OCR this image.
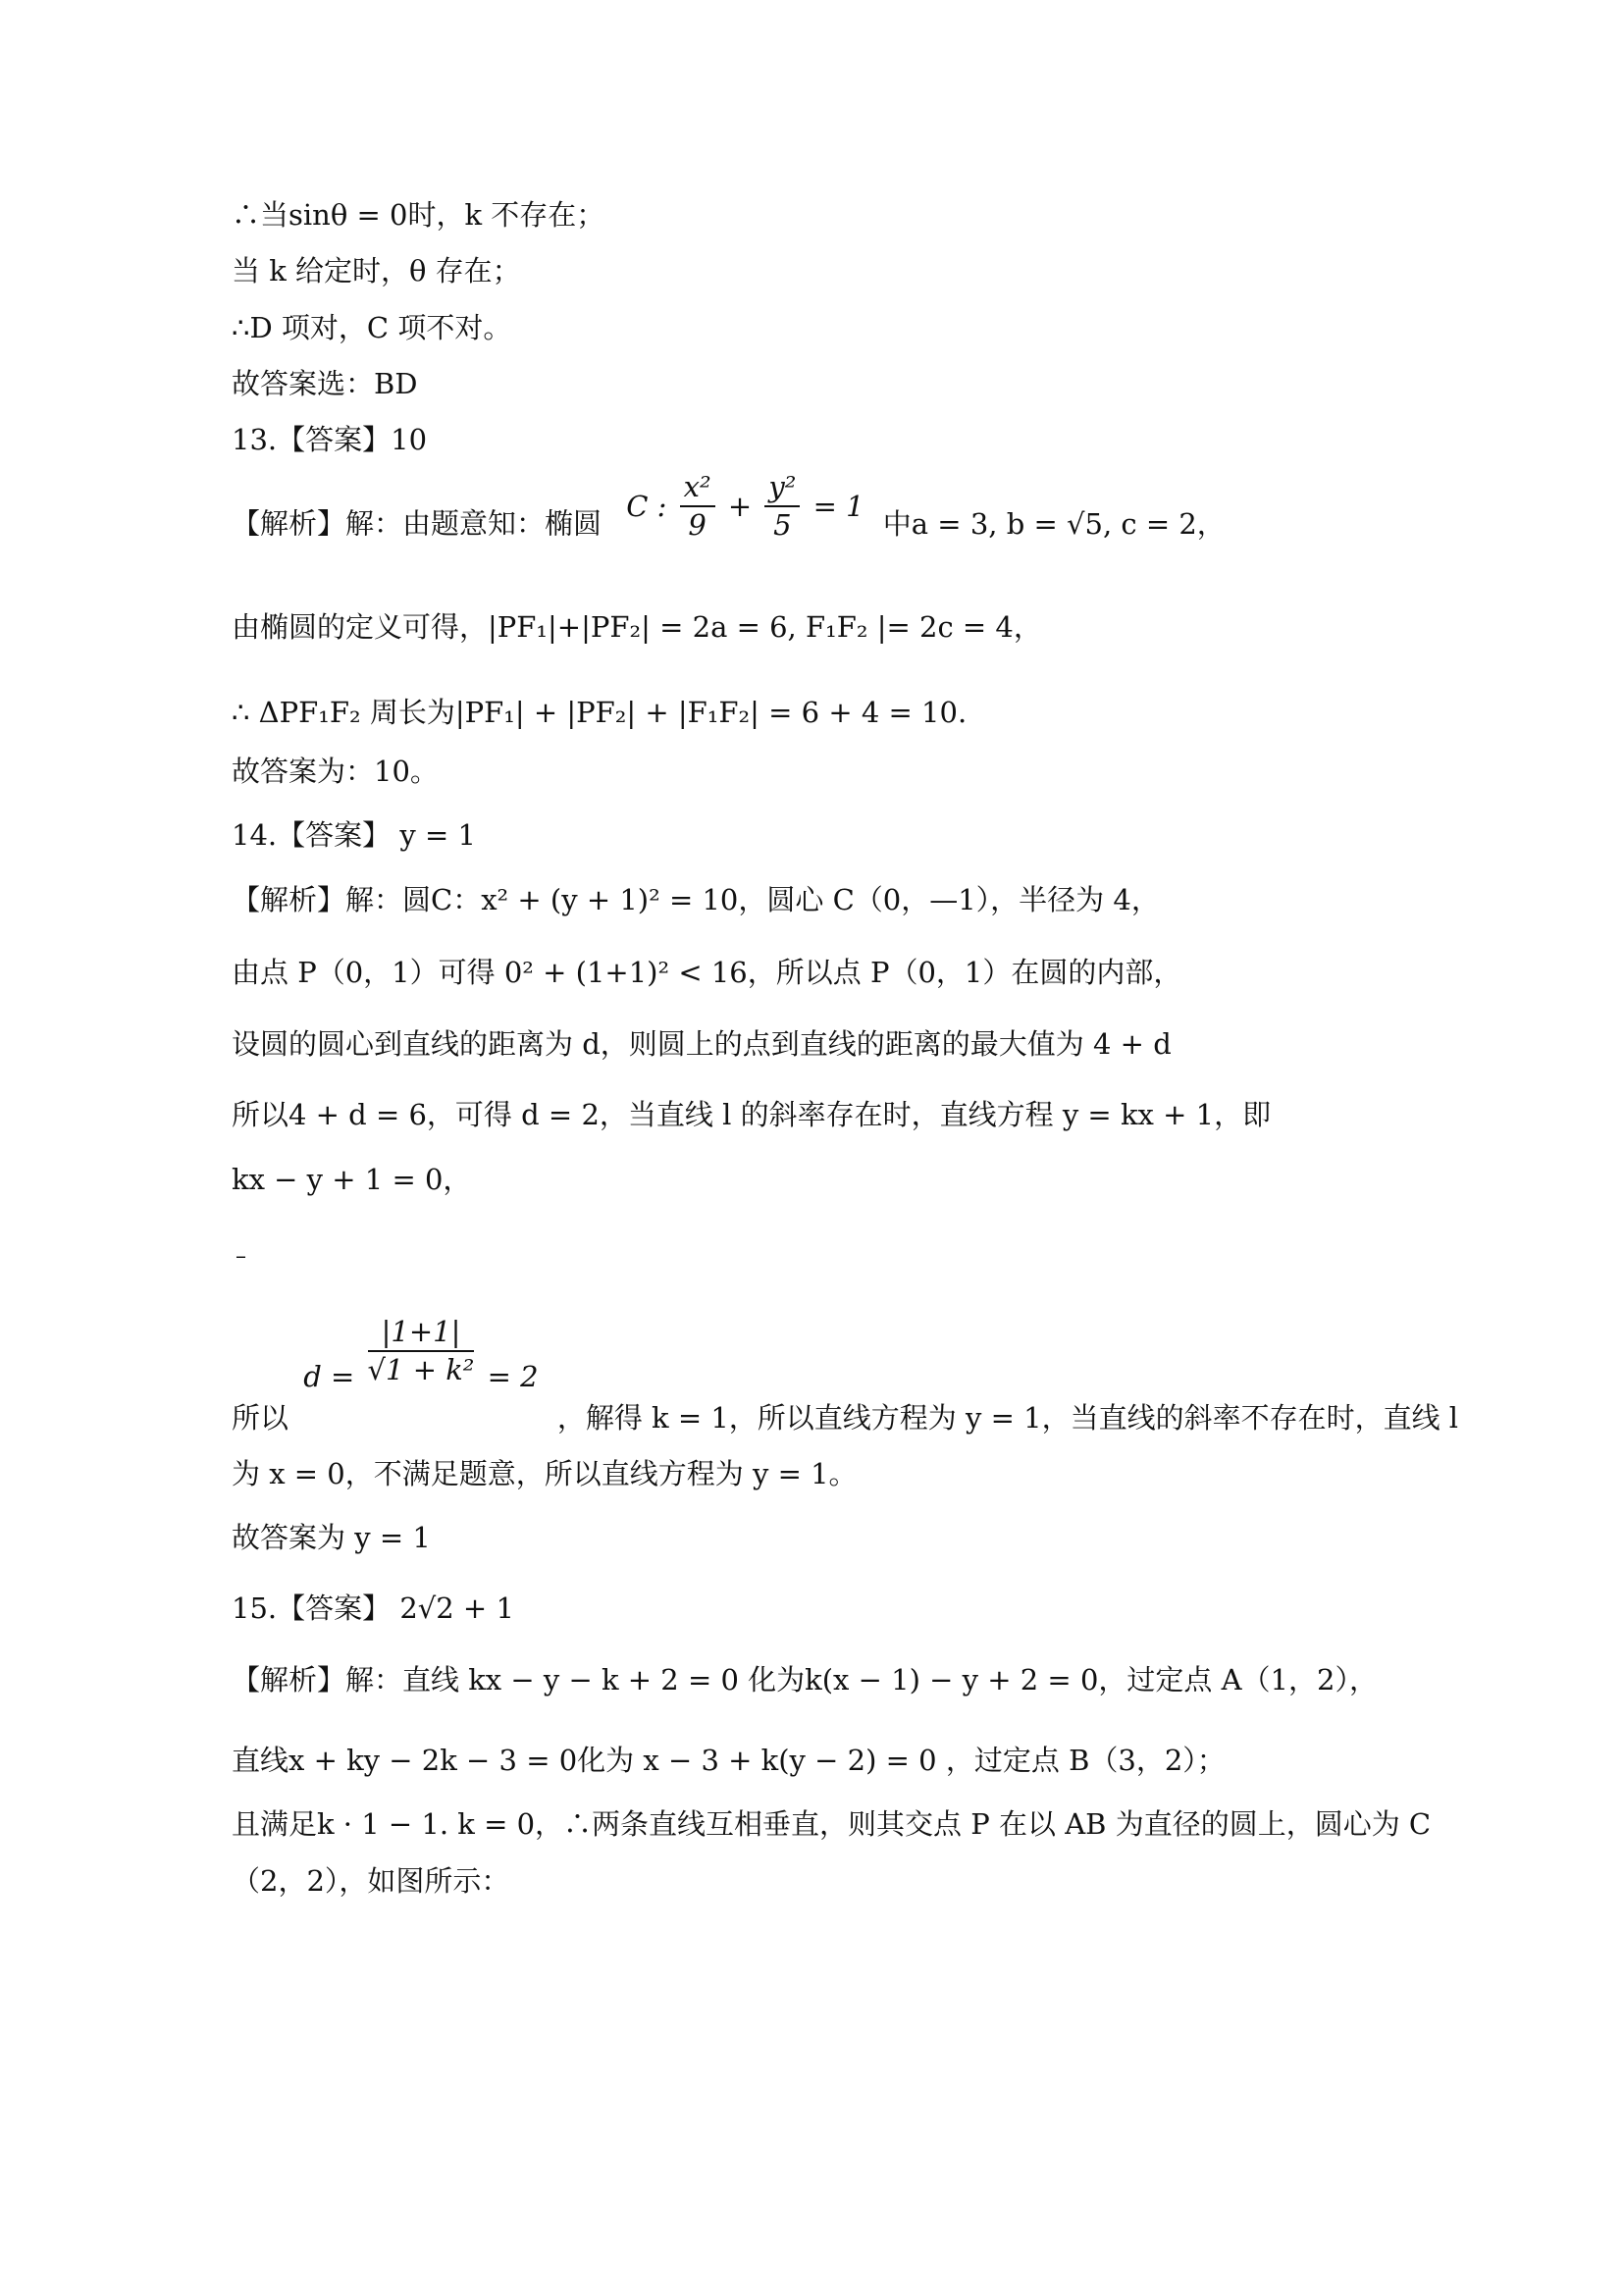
∴当sinθ = 0时，k 不存在；
当 k 给定时，θ 存在；
∴D 项对，C 项不对。
故答案选：BD
13.【答案】10
【解析】解：由题意知：椭圆 C : $\frac{\text{x²}}{9} + \frac{\text{y²}}{5} = 1$ 中a = 3, b = √5, c = 2，
由椭圆的定义可得，|PF₁|+|PF₂| = 2a = 6, F₁F₂ |= 2c = 4，
∴ ΔPF₁F₂ 周长为|PF₁| + |PF₂| + |F₁F₂| = 6 + 4 = 10.
故答案为：10。
14.【答案】 y = 1
【解析】解：圆C：x² + (y + 1)² = 10，圆心 C（0，—1），半径为 4，
由点 P（0，1）可得 0² + (1+1)² < 16，所以点 P（0，1）在圆的内部，
设圆的圆心到直线的距离为 d，则圆上的点到直线的距离的最大值为 4 + d
所以4 + d = 6，可得 d = 2，当直线 l 的斜率存在时，直线方程 y = kx + 1，即
kx − y + 1 = 0，
–
所以 $d = \frac{|1+1|}{\text{√1 + k²}} = 2$ ，解得 k = 1，所以直线方程为 y = 1，当直线的斜率不存在时，直线 l
为 x = 0，不满足题意，所以直线方程为 y = 1。
故答案为 y = 1
15.【答案】 2√2 + 1
【解析】解：直线 kx − y − k + 2 = 0 化为k(x − 1) − y + 2 = 0，过定点 A（1，2），
直线x + ky − 2k − 3 = 0化为 x − 3 + k(y − 2) = 0 ，过定点 B（3，2）；
且满足k · 1 − 1. k = 0，∴两条直线互相垂直，则其交点 P 在以 AB 为直径的圆上，圆心为 C
（2，2），如图所示：
